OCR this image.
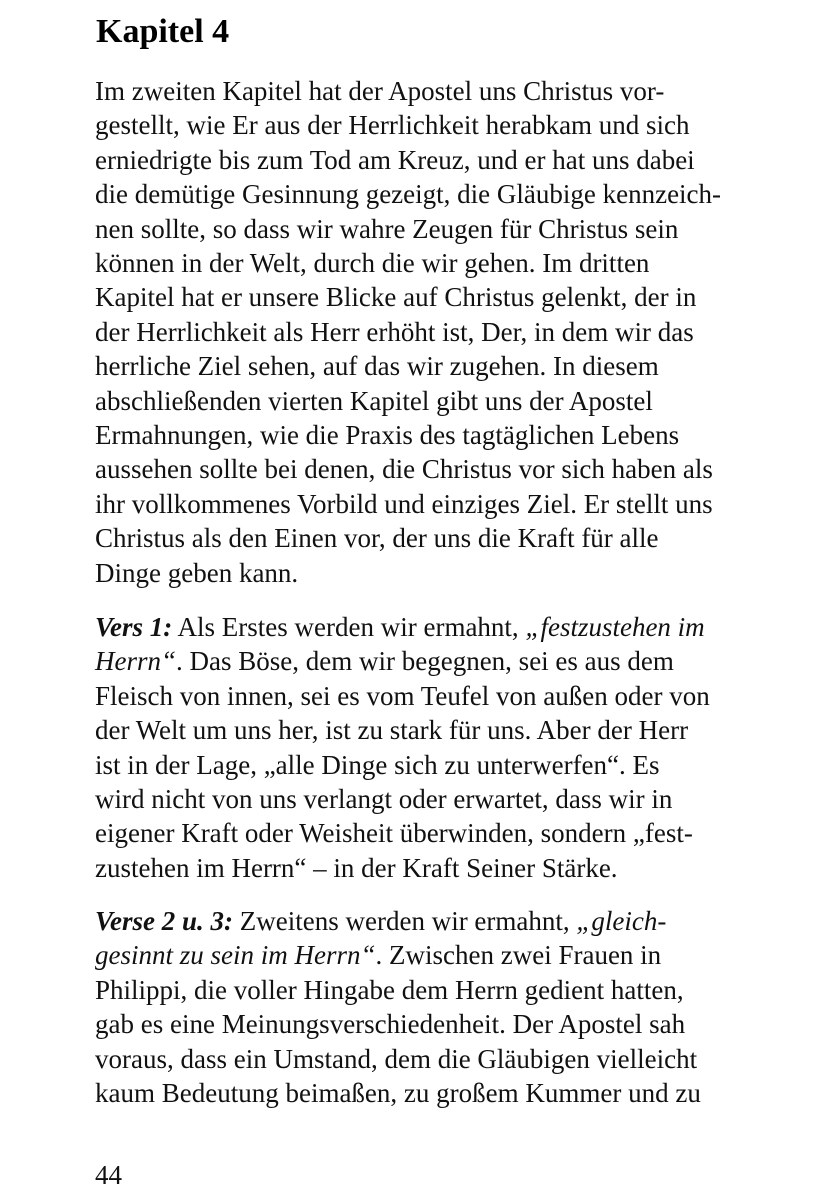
Kapitel 4

Im zweiten Kapitel hat der Apostel uns Christus vor-
gestellt, wie Er aus der Herrlichkeit herabkam und sich
erniedrigte bis zum Tod am Kreuz, und er hat uns dabei
die demütige Gesinnung gezeigt, die Gläubige kennzeich-
nen sollte, so dass wir wahre Zeugen für Christus sein
können in der Welt, durch die wir gehen. Im dritten
Kapitel hat er unsere Blicke auf Christus gelenkt, der in
der Herrlichkeit als Herr erhöht ist, Der, in dem wir das
herrliche Ziel sehen, auf das wir zugehen. In diesem
abschließenden vierten Kapitel gibt uns der Apostel
Ermahnungen, wie die Praxis des tagtäglichen Lebens
aussehen sollte bei denen, die Christus vor sich haben als
ihr vollkommenes Vorbild und einziges Ziel. Er stellt uns
Christus als den Einen vor, der uns die Kraft für alle
Dinge geben kann.

Vers 1: Als Erstes werden wir ermahnt, „festzustehen im
Herrn“. Das Böse, dem wir begegnen, sei es aus dem
Fleisch von innen, sei es vom Teufel von außen oder von
der Welt um uns her, ist zu stark für uns. Aber der Herr
ist in der Lage, „alle Dinge sich zu unterwerfen“. Es
wird nicht von uns verlangt oder erwartet, dass wir in
eigener Kraft oder Weisheit überwinden, sondern „fest-
zustehen im Herrn“ – in der Kraft Seiner Stärke.

Verse 2 u. 3: Zweitens werden wir ermahnt, „gleich-
gesinnt zu sein im Herrn“. Zwischen zwei Frauen in
Philippi, die voller Hingabe dem Herrn gedient hatten,
gab es eine Meinungsverschiedenheit. Der Apostel sah
voraus, dass ein Umstand, dem die Gläubigen vielleicht
kaum Bedeutung beimaßen, zu großem Kummer und zu

44
